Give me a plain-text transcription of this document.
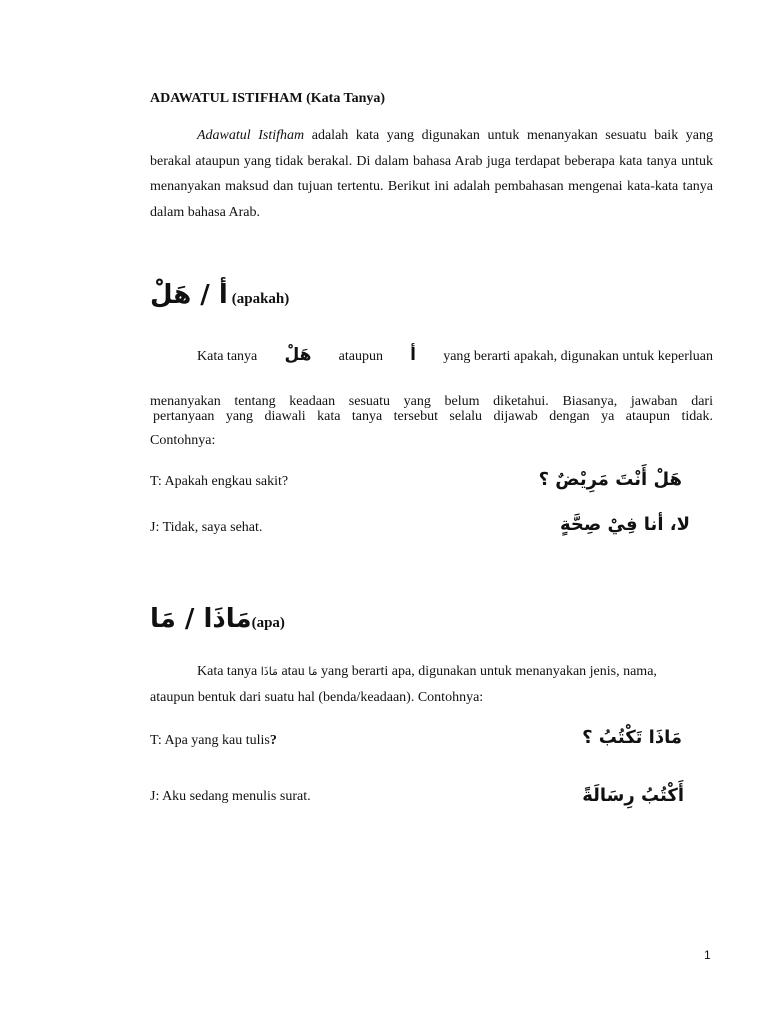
ADAWATUL ISTIFHAM (Kata Tanya)
Adawatul Istifham adalah kata yang digunakan untuk menanyakan sesuatu baik yang berakal ataupun yang tidak berakal. Di dalam bahasa Arab juga terdapat beberapa kata tanya untuk menanyakan maksud dan tujuan tertentu. Berikut ini adalah pembahasan mengenai kata-kata tanya dalam bahasa Arab.
أ / هَلْ (apakah)
Kata tanya هَلْ ataupun أ yang berarti apakah, digunakan untuk keperluan
menanyakan tentang keadaan sesuatu yang belum diketahui. Biasanya, jawaban dari
pertanyaan yang diawali kata tanya tersebut selalu dijawab dengan ya ataupun tidak.
Contohnya:
T: Apakah engkau sakit?	هَلْ أَنْتَ مَرِيْضٌ ؟
J: Tidak, saya sehat.	لا، أنا فِيْ صِحَّةٍ
مَاذَا / مَا(apa)
Kata tanya مَاذَا atau مَا yang berarti apa, digunakan untuk menanyakan jenis, nama,
ataupun bentuk dari suatu hal (benda/keadaan). Contohnya:
T: Apa yang kau tulis?	مَاذَا تَكْتُبُ ؟
J: Aku sedang menulis surat.	أَكْتُبُ رِسَالَةً
1
